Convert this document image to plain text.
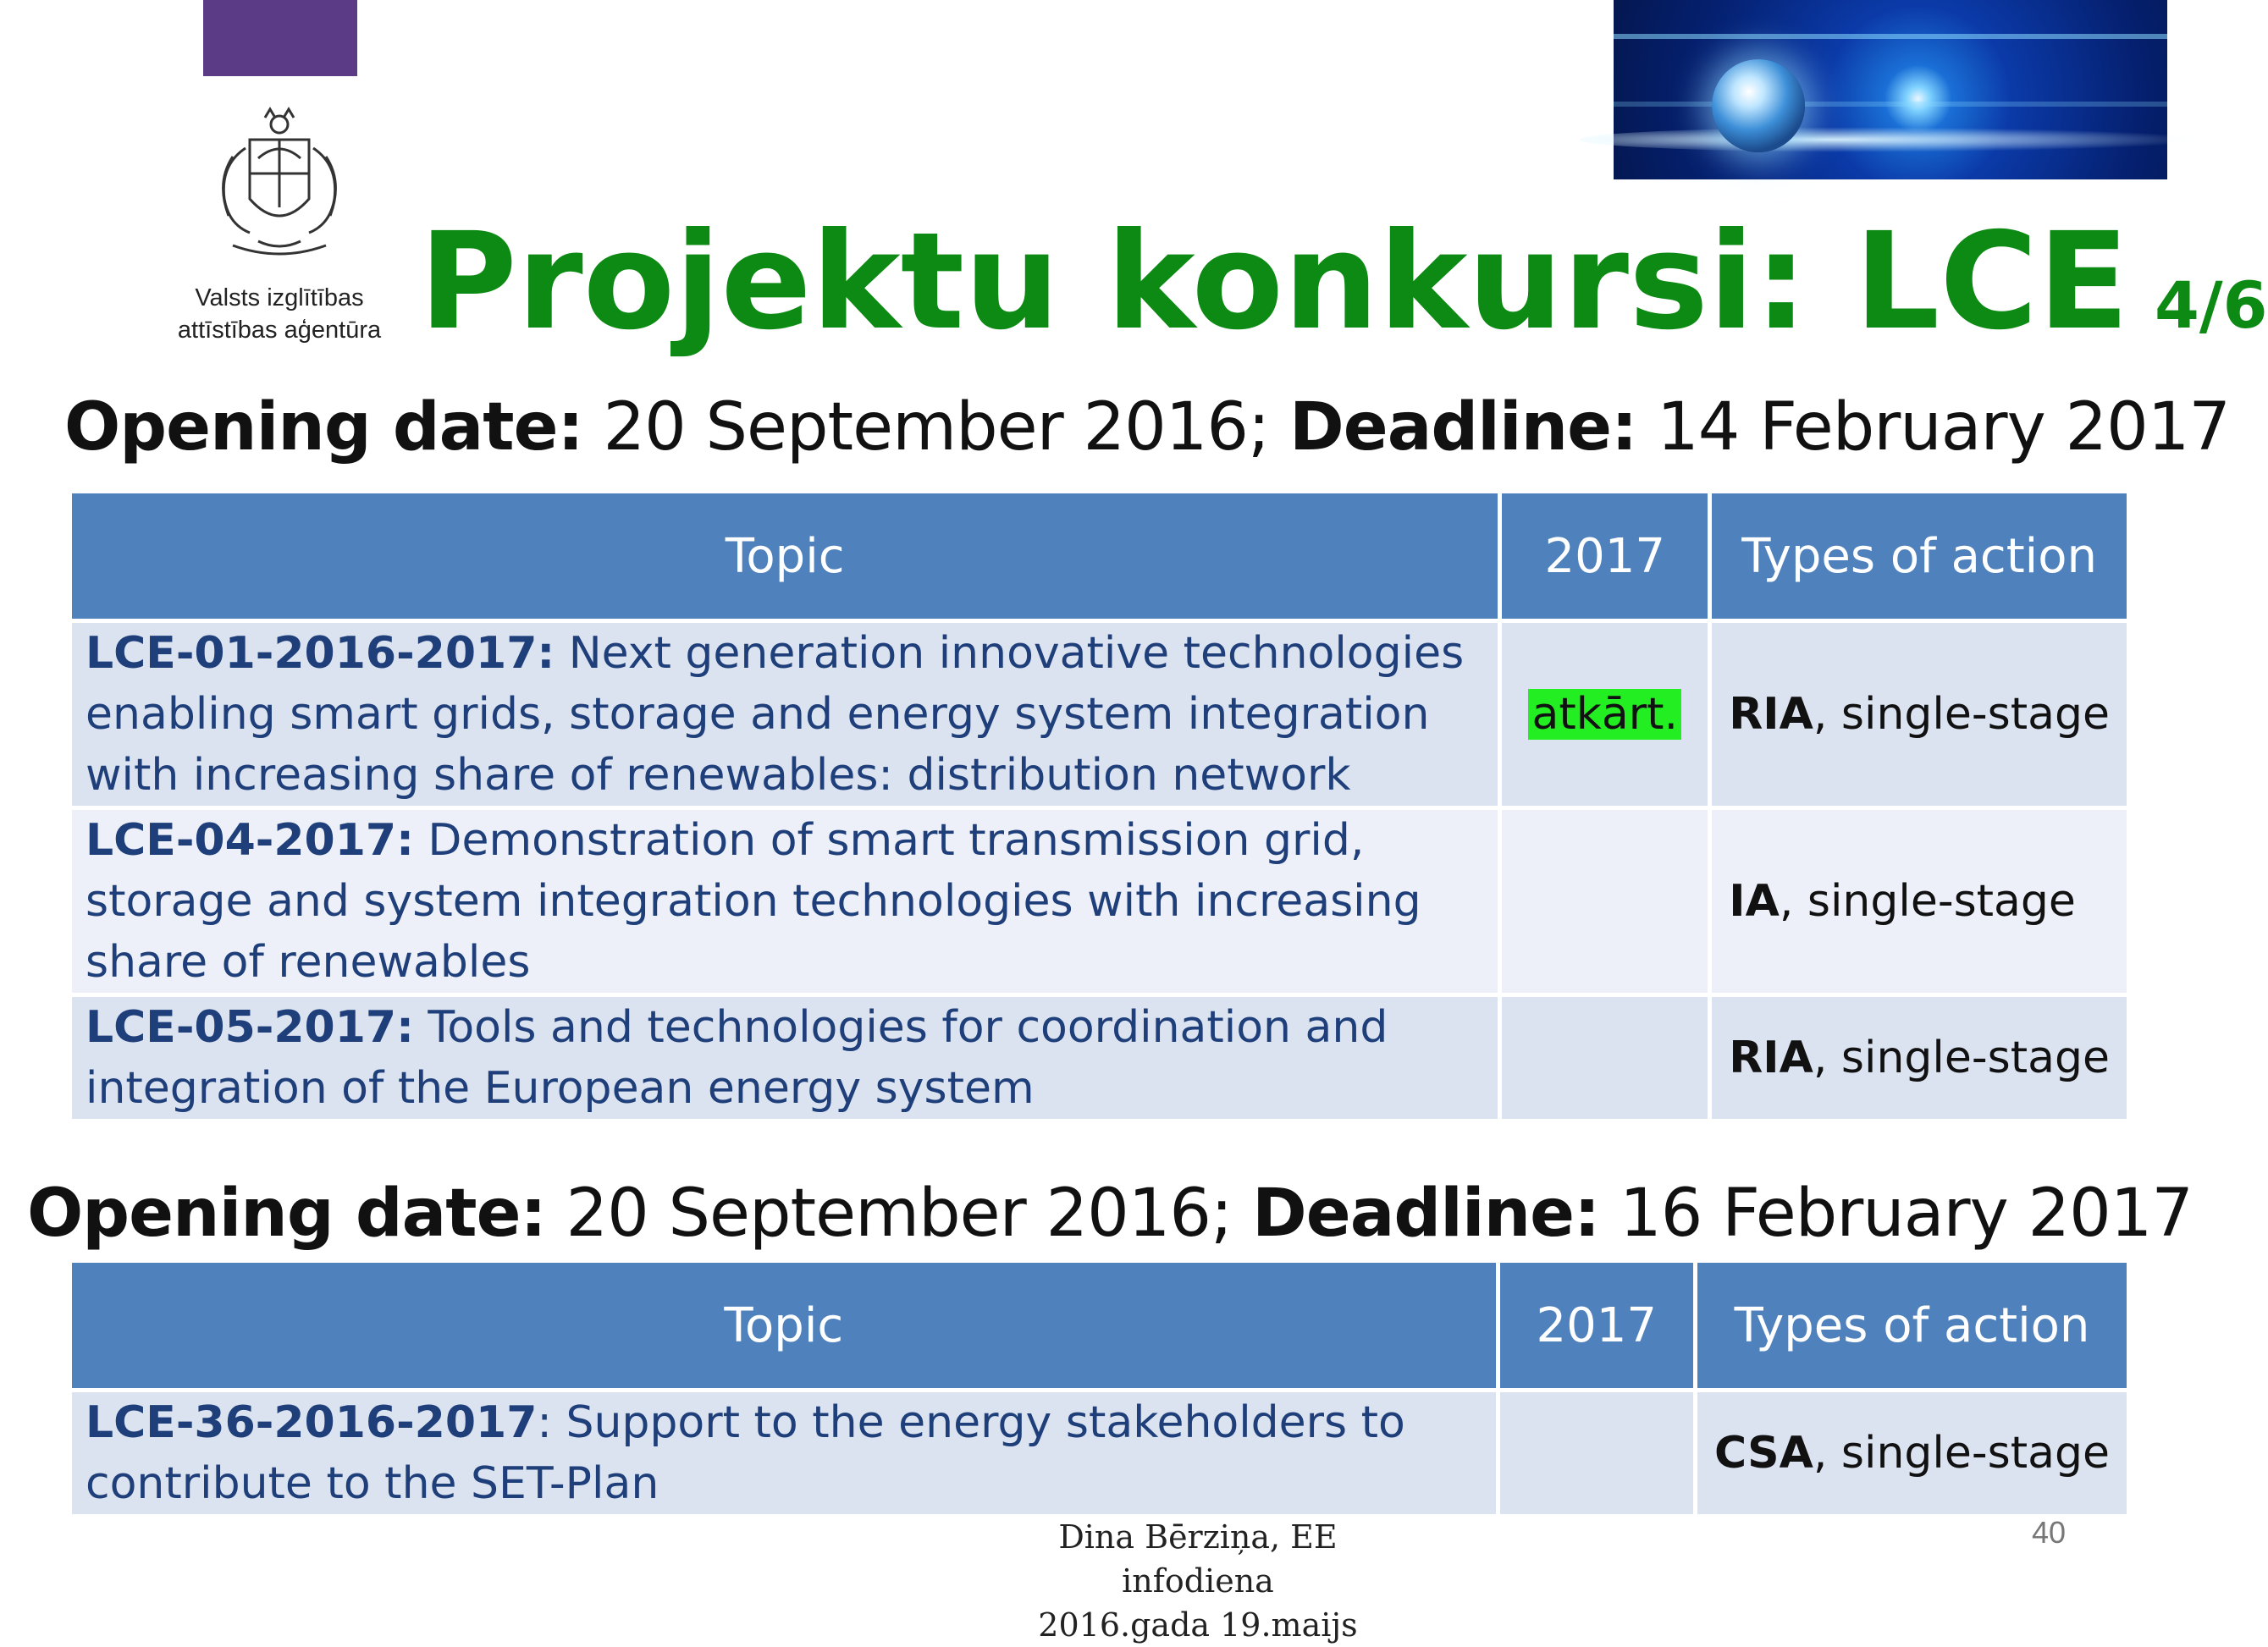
Valsts izglītības
attīstības aģentūra Projektu konkursi: LCE 4/6
Opening date: 20 September 2016; Deadline: 14 February 2017
Topic	2017	Types of action
LCE-01-2016-2017: Next generation innovative technologies enabling smart grids, storage and energy system integration with increasing share of renewables: distribution network	atkārt.	RIA, single-stage
LCE-04-2017: Demonstration of smart transmission grid, storage and system integration technologies with increasing share of renewables		IA, single-stage
LCE-05-2017: Tools and technologies for coordination and integration of the European energy system		RIA, single-stage
Opening date: 20 September 2016; Deadline: 16 February 2017
Topic	2017	Types of action
LCE-36-2016-2017: Support to the energy stakeholders to contribute to the SET-Plan		CSA, single-stage
Dina Bērziņa, EE infodiena
2016.gada 19.maijs
40
